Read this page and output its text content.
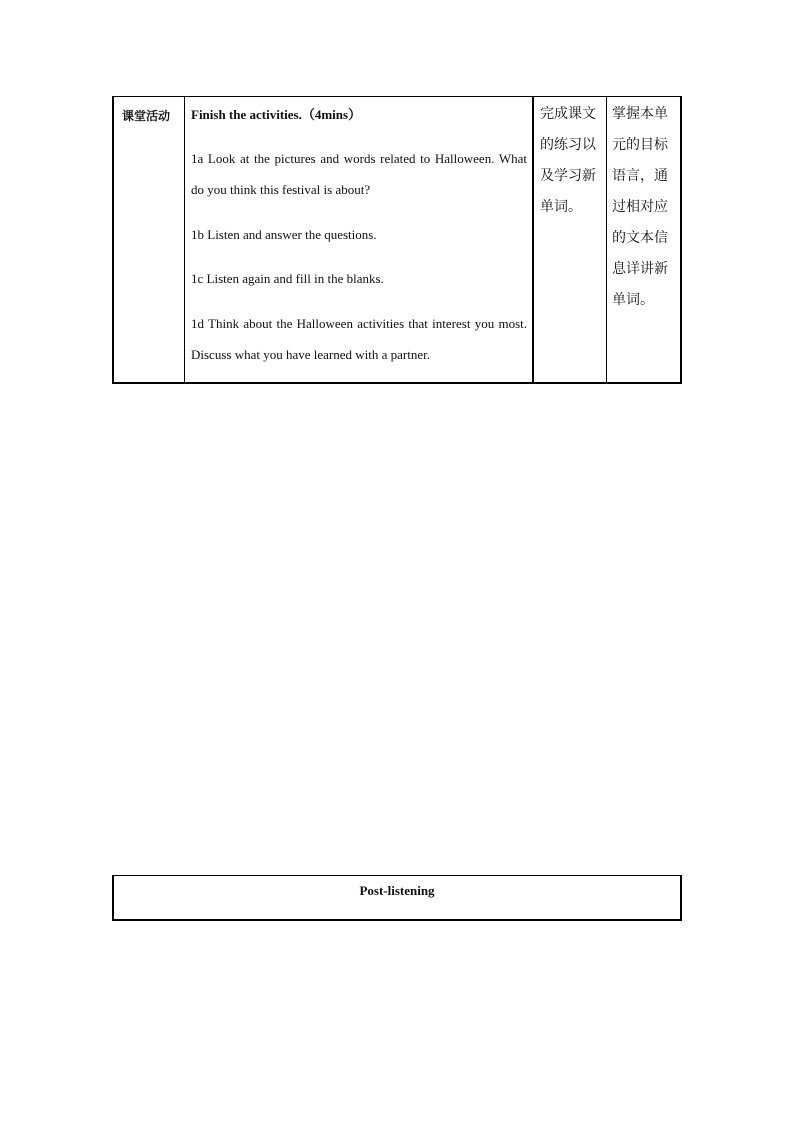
课堂活动 Finish the activities.（4mins）
1a Look at the pictures and words related to Halloween. What do you think this festival is about?
1b Listen and answer the questions.
1c Listen again and fill in the blanks.
1d Think about the Halloween activities that interest you most. Discuss what you have learned with a partner.
完成课文的练习以及学习新单词。
掌握本单元的目标语言，通过相对应的文本信息详讲新单词。
Post-listening
